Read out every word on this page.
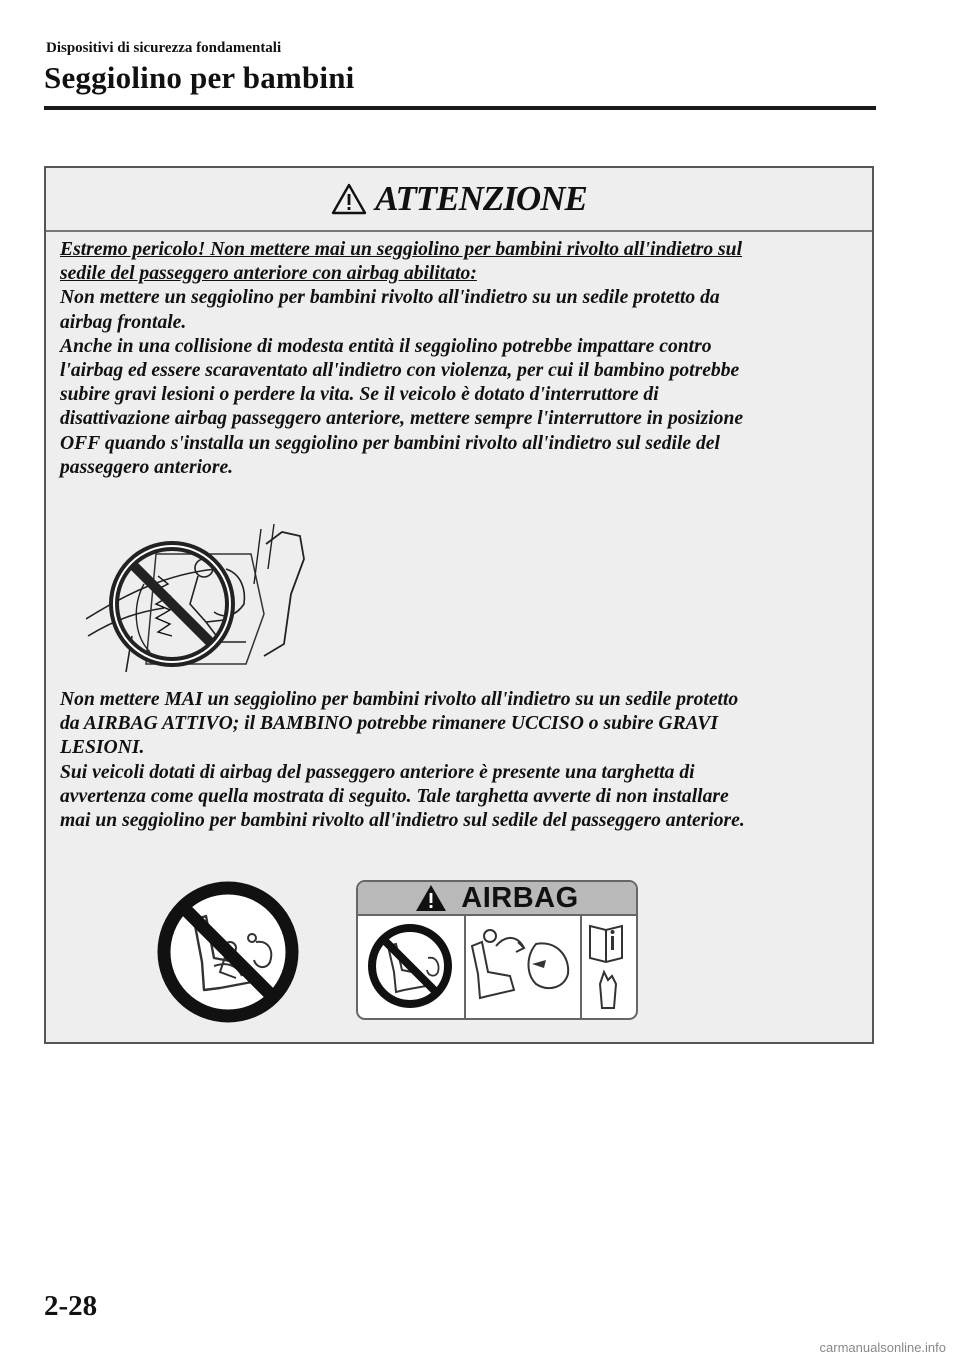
Dispositivi di sicurezza fondamentali
Seggiolino per bambini
ATTENZIONE

Estremo pericolo! Non mettere mai un seggiolino per bambini rivolto all'indietro sul

sedile del passeggero anteriore con airbag abilitato:

Non mettere un seggiolino per bambini rivolto all'indietro su un sedile protetto da

airbag frontale.

Anche in una collisione di modesta entità il seggiolino potrebbe impattare contro

l'airbag ed essere scaraventato all'indietro con violenza, per cui il bambino potrebbe

subire gravi lesioni o perdere la vita. Se il veicolo è dotato d'interruttore di

disattivazione airbag passeggero anteriore, mettere sempre l'interruttore in posizione

OFF quando s'installa un seggiolino per bambini rivolto all'indietro sul sedile del

passeggero anteriore.

Non mettere MAI un seggiolino per bambini rivolto all'indietro su un sedile protetto

da AIRBAG ATTIVO; il BAMBINO potrebbe rimanere UCCISO o subire GRAVI

LESIONI.

Sui veicoli dotati di airbag del passeggero anteriore è presente una targhetta di

avvertenza come quella mostrata di seguito. Tale targhetta avverte di non installare

mai un seggiolino per bambini rivolto all'indietro sul sedile del passeggero anteriore.

AIRBAG
2-28
carmanualsonline.info
